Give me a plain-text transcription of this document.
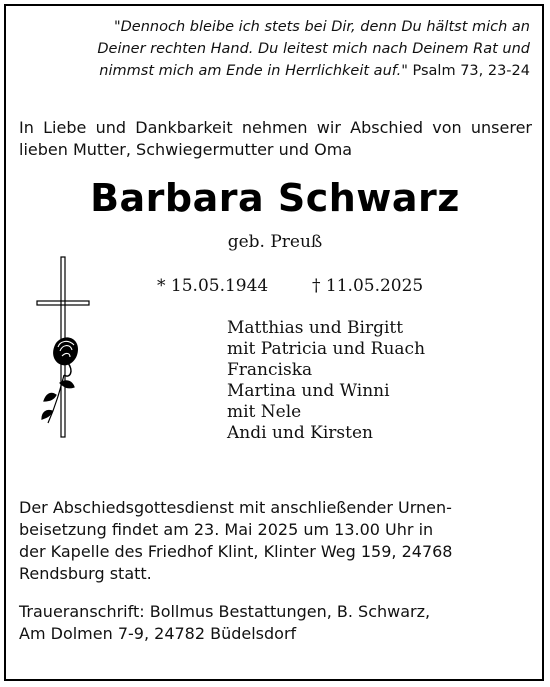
"Dennoch bleibe ich stets bei Dir, denn Du hältst mich an
Deiner rechten Hand. Du leitest mich nach Deinem Rat und
nimmst mich am Ende in Herrlichkeit auf." Psalm 73, 23-24
In Liebe und Dankbarkeit nehmen wir Abschied von unserer lieben Mutter, Schwiegermutter und Oma
Barbara Schwarz
geb. Preuß
* 15.05.1944	† 11.05.2025
Matthias und Birgitt
mit Patricia und Ruach
Franciska
Martina und Winni
mit Nele
Andi und Kirsten
Der Abschiedsgottesdienst mit anschließender Urnen-
beisetzung findet am 23. Mai 2025 um 13.00 Uhr in
der Kapelle des Friedhof Klint, Klinter Weg 159, 24768
Rendsburg statt.
Traueranschrift: Bollmus Bestattungen, B. Schwarz,
Am Dolmen 7-9, 24782 Büdelsdorf
